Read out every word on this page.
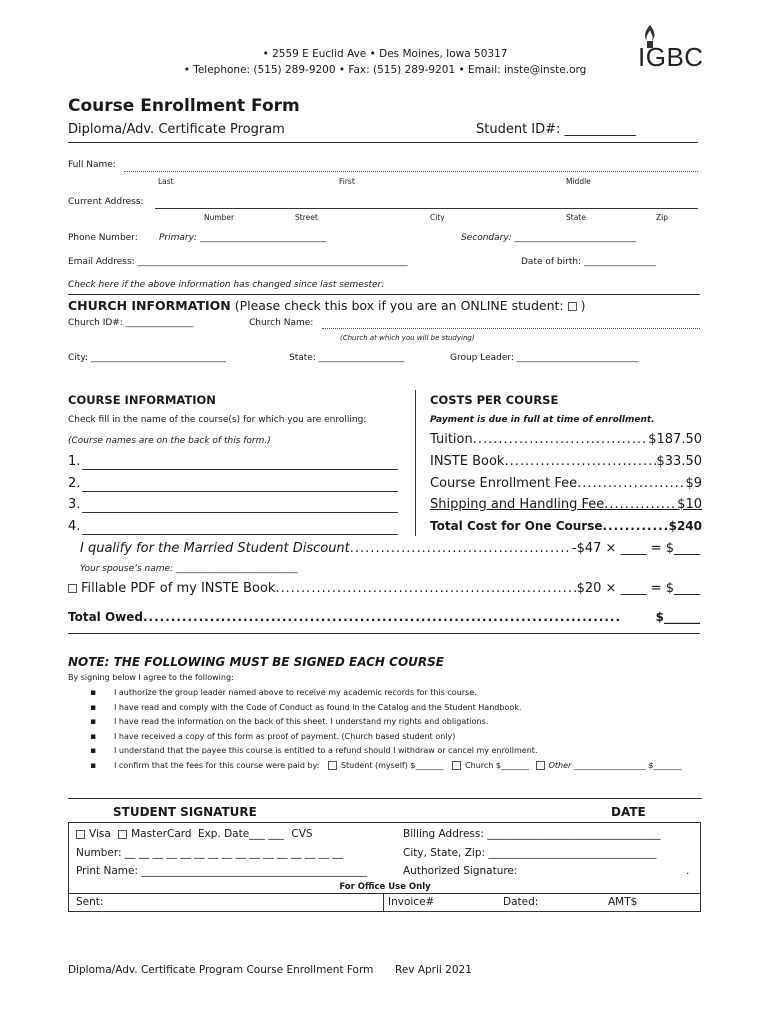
• 2559 E Euclid Ave • Des Moines, Iowa 50317
• Telephone: (515) 289-9200 • Fax: (515) 289-9201 • Email: inste@inste.org	IGBC
Course Enrollment Form
Diploma/Adv. Certificate Program	Student ID#: ___________
Full Name:
Last	First	Middle
Current Address:
Number	Street	City	State	Zip
Phone Number: Primary: ____________________________	Secondary: ___________________________
Email Address: ____________________________________________________________	Date of birth: ________________
Check here if the above information has changed since last semester:
CHURCH INFORMATION (Please check this box if you are an ONLINE student: )
Church ID#: _______________	Church Name:
(Church at which you will be studying)
City: ______________________________	State: ___________________	Group Leader: ___________________________
COURSE INFORMATION
Check fill in the name of the course(s) for which you are enrolling:
(Course names are on the back of this form.)
1.
2.
3.
4.
COSTS PER COURSE
Payment is due in full at time of enrollment.
Tuition .....	$187.50
INSTE Book .....	$33.50
Course Enrollment Fee .....	$9
Shipping and Handling Fee .....	$10
Total Cost for One Course .....	$240
I qualify for the Married Student Discount .....	-$47 × ____ = $____
Your spouse’s name: ___________________________
Fillable PDF of my INSTE Book .....	$20 × ____ = $____
Total Owed .....	$______
NOTE: THE FOLLOWING MUST BE SIGNED EACH COURSE
By signing below I agree to the following:
▪ I authorize the group leader named above to receive my academic records for this course.
▪ I have read and comply with the Code of Conduct as found in the Catalog and the Student Handbook.
▪ I have read the information on the back of this sheet. I understand my rights and obligations.
▪ I have received a copy of this form as proof of payment. (Church based student only)
▪ I understand that the payee this course is entitled to a refund should I withdraw or cancel my enrollment.
▪ I confirm that the fees for this course were paid by:	Student (myself) $_______	Church $_______ Other __________________ $_______
STUDENT SIGNATURE	DATE
Visa MasterCard Exp. Date___ ___ CVS
Number: __ __ __ __ __ __ __ __ __ __ __ __ __ __ __ __
Print Name: ___________________________________________
Billing Address: _________________________________
City, State, Zip: ________________________________
Authorized Signature:	.
For Office Use Only
Sent:	Invoice#	Dated:	AMT$
Diploma/Adv. Certificate Program Course Enrollment Form Rev April 2021
